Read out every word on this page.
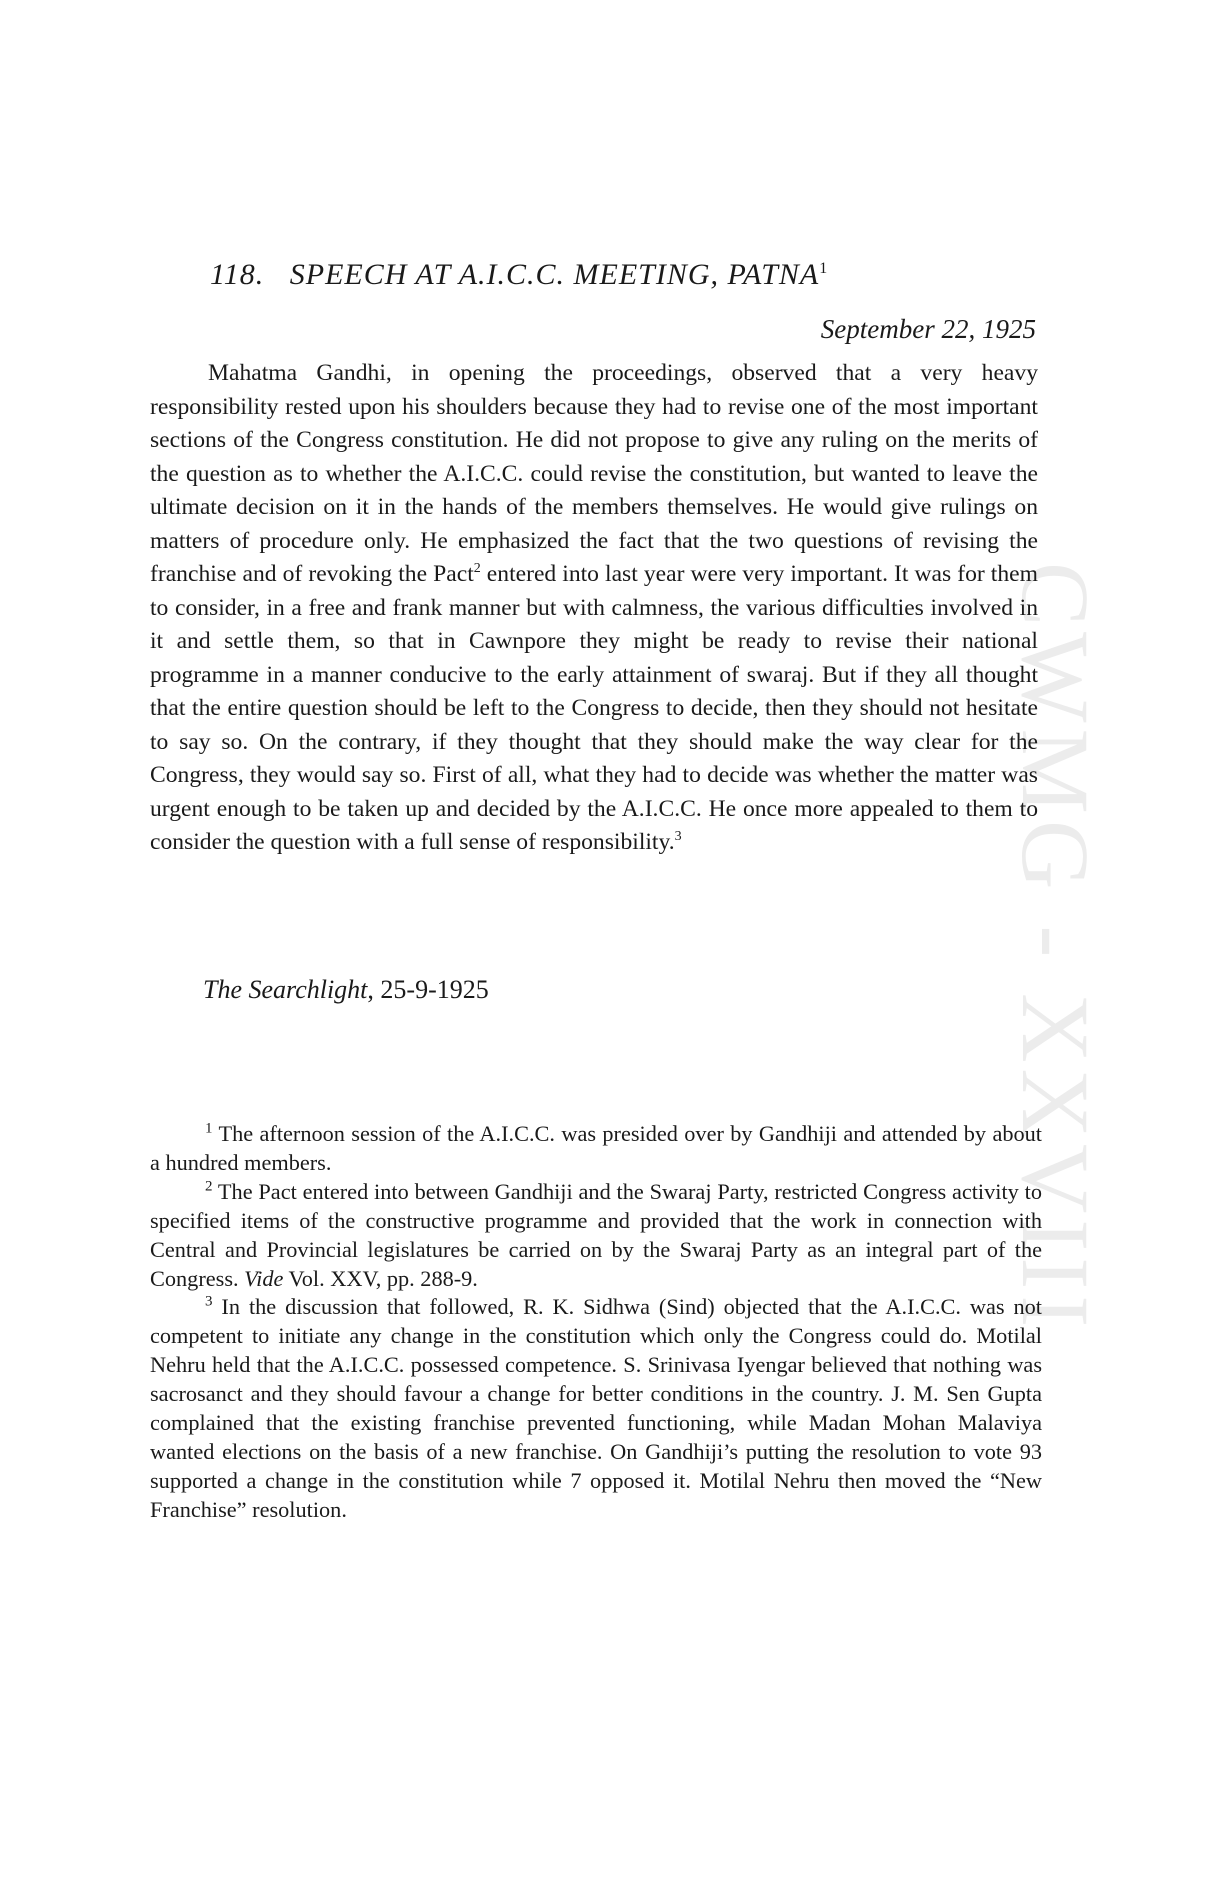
CWMG - XXVIII
118. SPEECH AT A.I.C.C. MEETING, PATNA$^1$
September 22, 1925

Mahatma Gandhi, in opening the proceedings, observed that a very heavy responsibility rested upon his shoulders because they had to revise one of the most important sections of the Congress constitution. He did not propose to give any ruling on the merits of the question as to whether the A.I.C.C. could revise the constitution, but wanted to leave the ultimate decision on it in the hands of the members themselves. He would give rulings on matters of procedure only. He emphasized the fact that the two questions of revising the franchise and of revoking the Pact$^2$ entered into last year were very important. It was for them to consider, in a free and frank manner but with calmness, the various difficulties involved in it and settle them, so that in Cawnpore they might be ready to revise their national programme in a manner conducive to the early attainment of swaraj. But if they all thought that the entire question should be left to the Congress to decide, then they should not hesitate to say so. On the contrary, if they thought that they should make the way clear for the Congress, they would say so. First of all, what they had to decide was whether the matter was urgent enough to be taken up and decided by the A.I.C.C. He once more appealed to them to consider the question with a full sense of responsibility.$^3$

The Searchlight, 25-9-1925

$^1$ The afternoon session of the A.I.C.C. was presided over by Gandhiji and attended by about a hundred members.

$^2$ The Pact entered into between Gandhiji and the Swaraj Party, restricted Congress activity to specified items of the constructive programme and provided that the work in connection with Central and Provincial legislatures be carried on by the Swaraj Party as an integral part of the Congress. Vide Vol. XXV, pp. 288-9.

$^3$ In the discussion that followed, R. K. Sidhwa (Sind) objected that the A.I.C.C. was not competent to initiate any change in the constitution which only the Congress could do. Motilal Nehru held that the A.I.C.C. possessed competence. S. Srinivasa Iyengar believed that nothing was sacrosanct and they should favour a change for better conditions in the country. J. M. Sen Gupta complained that the existing franchise prevented functioning, while Madan Mohan Malaviya wanted elections on the basis of a new franchise. On Gandhiji’s putting the resolution to vote 93 supported a change in the constitution while 7 opposed it. Motilal Nehru then moved the “New Franchise” resolution.
